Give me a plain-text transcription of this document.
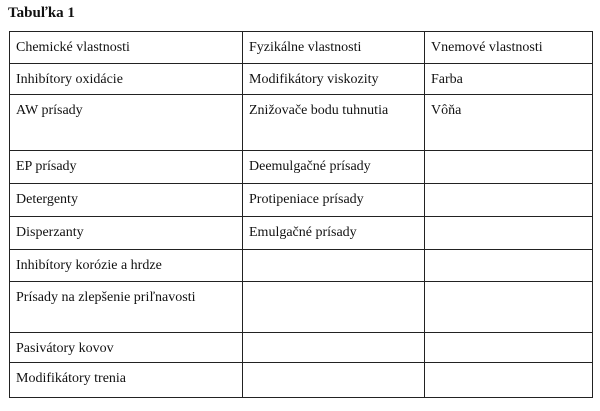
Tabuľka 1
Chemické vlastnosti	Fyzikálne vlastnosti	Vnemové vlastnosti

Inhibítory oxidácie	Modifikátory viskozity	Farba

AW prísady	Znižovače bodu tuhnutia	Vôňa

EP prísady	Deemulgačné prísady	

Detergenty	Protipeniace prísady	

Disperzanty	Emulgačné prísady	

Inhibítory korózie a hrdze		

Prísady na zlepšenie priľnavosti		

Pasivátory kovov		

Modifikátory trenia		
